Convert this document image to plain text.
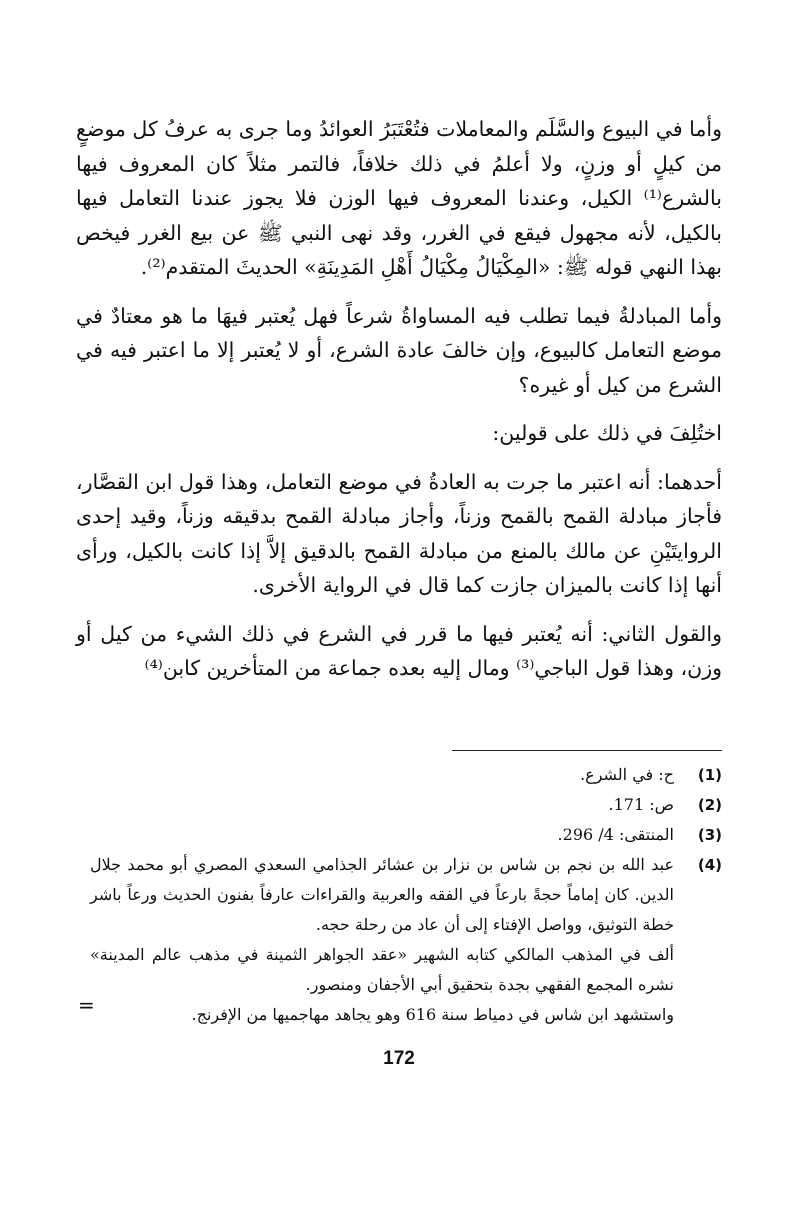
وأما في البيوع والسَّلَم والمعاملات فتُعْتَبَرُ العوائدُ وما جرى به عرفُ كل موضعٍ من كيلٍ أو وزنٍ، ولا أعلمُ في ذلك خلافاً، فالتمر مثلاً كان المعروف فيها بالشرع⁽¹⁾ الكيل، وعندنا المعروف فيها الوزن فلا يجوز عندنا التعامل فيها بالكيل، لأنه مجهول فيقع في الغرر، وقد نهى النبي ﷺ عن بيع الغرر فيخص بهذا النهي قوله ﷺ: «المِكْيَالُ مِكْيَالُ أَهْلِ المَدِينَةِ» الحديثَ المتقدم⁽²⁾.

وأما المبادلةُ فيما تطلب فيه المساواةُ شرعاً فهل يُعتبر فيهَا ما هو معتادٌ في موضع التعامل كالبيوع، وإن خالفَ عادة الشرع، أو لا يُعتبر إلا ما اعتبر فيه في الشرع من كيل أو غيره؟

اختُلِفَ في ذلك على قولين:

أحدهما: أنه اعتبر ما جرت به العادةُ في موضع التعامل، وهذا قول ابن القصَّار، فأجاز مبادلة القمح بالقمح وزناً، وأجاز مبادلة القمح بدقيقه وزناً، وقيد إحدى الروايتَيْنِ عن مالك بالمنع من مبادلة القمح بالدقيق إلاَّ إذا كانت بالكيل، ورأى أنها إذا كانت بالميزان جازت كما قال في الرواية الأخرى.

والقول الثاني: أنه يُعتبر فيها ما قرر في الشرع في ذلك الشيء من كيل أو وزن، وهذا قول الباجي⁽³⁾ ومال إليه بعده جماعة من المتأخرين كابن⁽⁴⁾

(1)
ح: في الشرع.
(2)
ص: 171.
(3)
المنتقى: 4/ 296.
(4)
عبد الله بن نجم بن شاس بن نزار بن عشائر الجذامي السعدي المصري أبو محمد جلال الدين. كان إماماً حجةً بارعاً في الفقه والعربية والقراءات عارفاً بفنون الحديث ورعاً باشر خطة التوثيق، وواصل الإفتاء إلى أن عاد من رحلة حجه.
ألف في المذهب المالكي كتابه الشهير «عقد الجواهر الثمينة في مذهب عالم المدينة» نشره المجمع الفقهي بجدة بتحقيق أبي الأجفان ومنصور.
واستشهد ابن شاس في دمياط سنة 616 وهو يجاهد مهاجميها من الإفرنج.
=
172
